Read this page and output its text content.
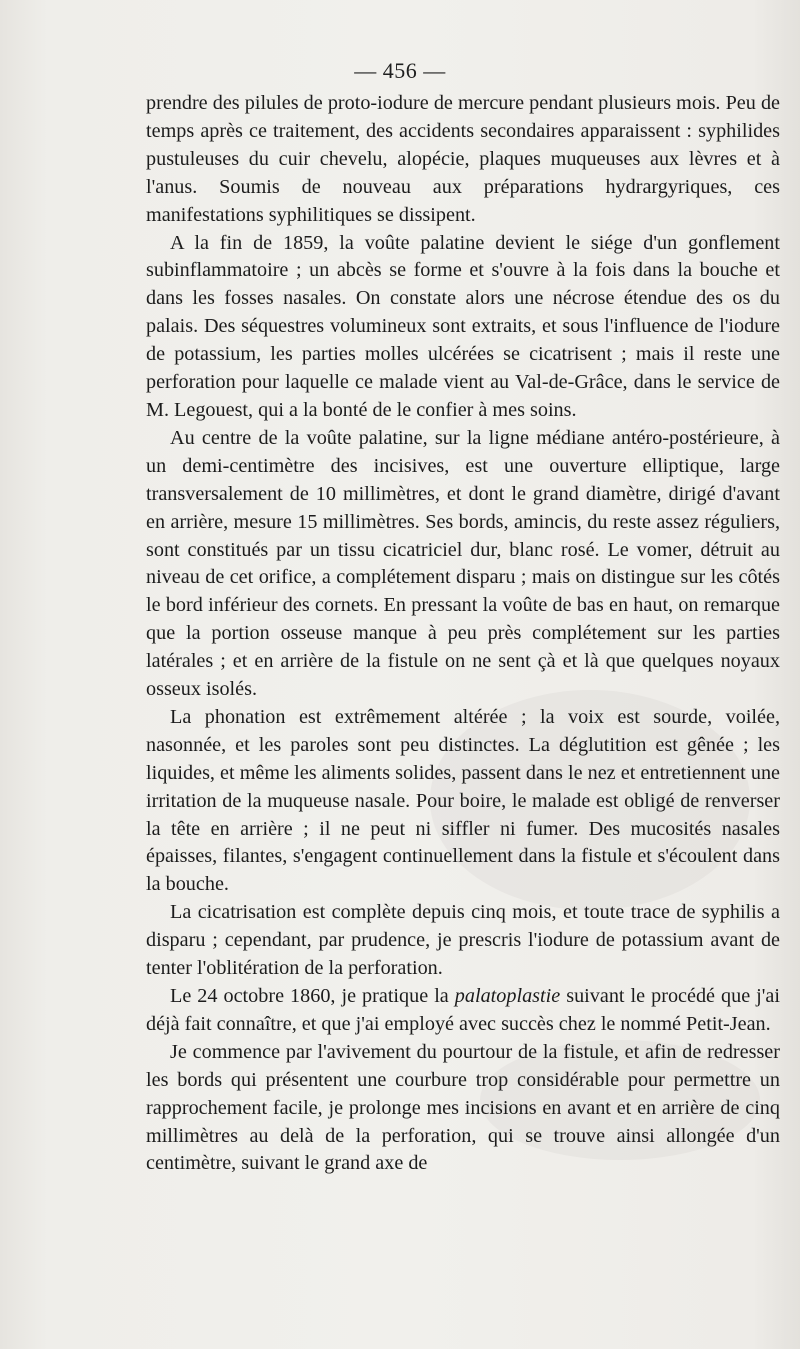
— 456 —

prendre des pilules de proto-iodure de mercure pendant plusieurs mois. Peu de temps après ce traitement, des accidents secondaires apparaissent : syphilides pustuleuses du cuir chevelu, alopécie, plaques muqueuses aux lèvres et à l'anus. Soumis de nouveau aux préparations hydrargyriques, ces manifestations syphilitiques se dissipent.

A la fin de 1859, la voûte palatine devient le siége d'un gonflement subinflammatoire ; un abcès se forme et s'ouvre à la fois dans la bouche et dans les fosses nasales. On constate alors une nécrose étendue des os du palais. Des séquestres volumineux sont extraits, et sous l'influence de l'iodure de potassium, les parties molles ulcérées se cicatrisent ; mais il reste une perforation pour laquelle ce malade vient au Val-de-Grâce, dans le service de M. Legouest, qui a la bonté de le confier à mes soins.

Au centre de la voûte palatine, sur la ligne médiane antéro-postérieure, à un demi-centimètre des incisives, est une ouverture elliptique, large transversalement de 10 millimètres, et dont le grand diamètre, dirigé d'avant en arrière, mesure 15 millimètres. Ses bords, amincis, du reste assez réguliers, sont constitués par un tissu cicatriciel dur, blanc rosé. Le vomer, détruit au niveau de cet orifice, a complétement disparu ; mais on distingue sur les côtés le bord inférieur des cornets. En pressant la voûte de bas en haut, on remarque que la portion osseuse manque à peu près complétement sur les parties latérales ; et en arrière de la fistule on ne sent çà et là que quelques noyaux osseux isolés.

La phonation est extrêmement altérée ; la voix est sourde, voilée, nasonnée, et les paroles sont peu distinctes. La déglutition est gênée ; les liquides, et même les aliments solides, passent dans le nez et entretiennent une irritation de la muqueuse nasale. Pour boire, le malade est obligé de renverser la tête en arrière ; il ne peut ni siffler ni fumer. Des mucosités nasales épaisses, filantes, s'engagent continuellement dans la fistule et s'écoulent dans la bouche.

La cicatrisation est complète depuis cinq mois, et toute trace de syphilis a disparu ; cependant, par prudence, je prescris l'iodure de potassium avant de tenter l'oblitération de la perforation.

Le 24 octobre 1860, je pratique la palatoplastie suivant le procédé que j'ai déjà fait connaître, et que j'ai employé avec succès chez le nommé Petit-Jean.

Je commence par l'avivement du pourtour de la fistule, et afin de redresser les bords qui présentent une courbure trop considérable pour permettre un rapprochement facile, je prolonge mes incisions en avant et en arrière de cinq millimètres au delà de la perforation, qui se trouve ainsi allongée d'un centimètre, suivant le grand axe de
